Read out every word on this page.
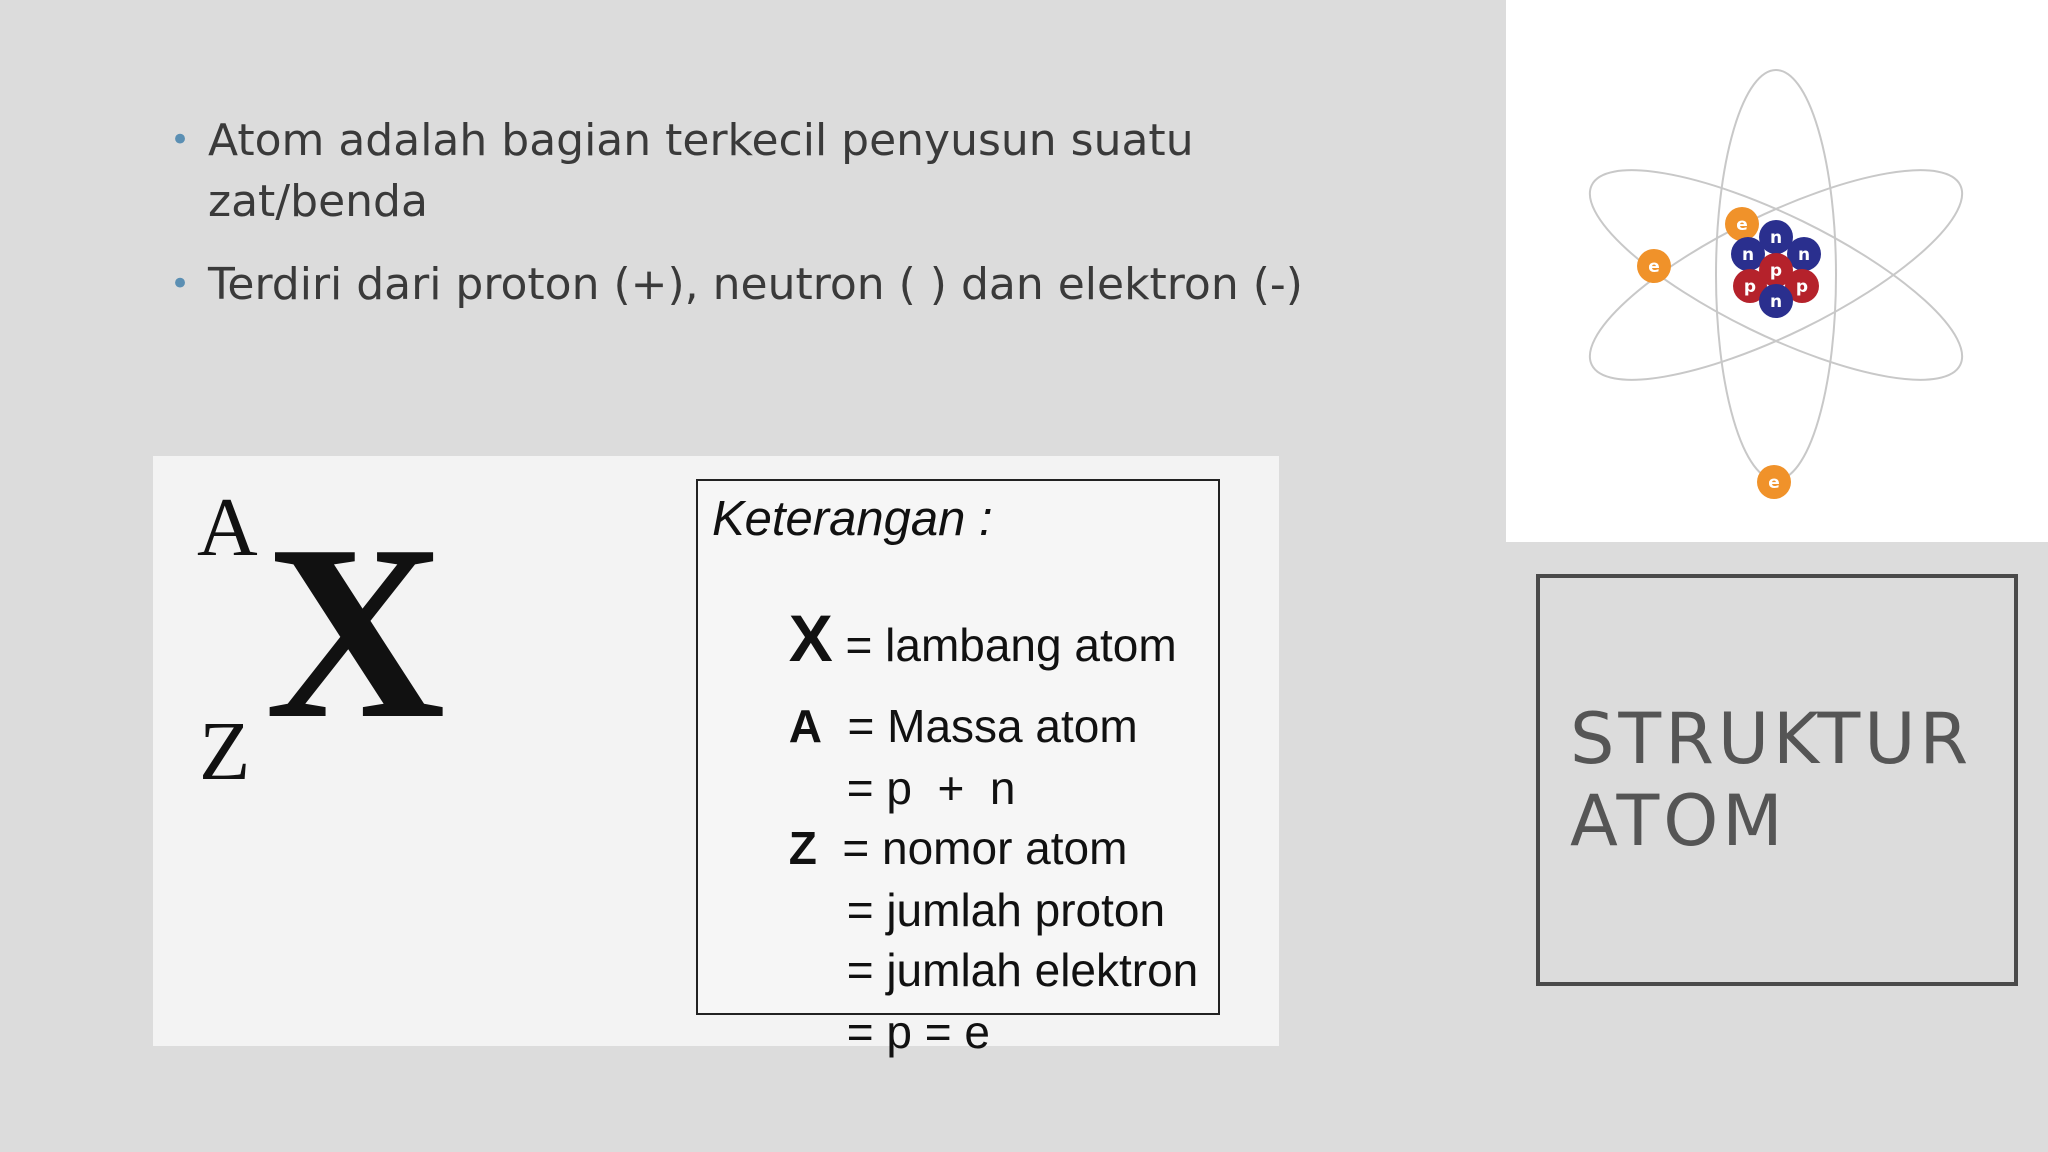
• Atom adalah bagian terkecil penyusun suatu zat/benda
• Terdiri dari proton (+), neutron ( ) dan elektron (-)
A X
Z
Keterangan :

X = lambang atom

A  = Massa atom

= p  +  n

Z  = nomor atom

= jumlah proton

= jumlah elektron

= p = e

e
e
e
n
n	n
p p
p
n
STRUKTUR
ATOM
